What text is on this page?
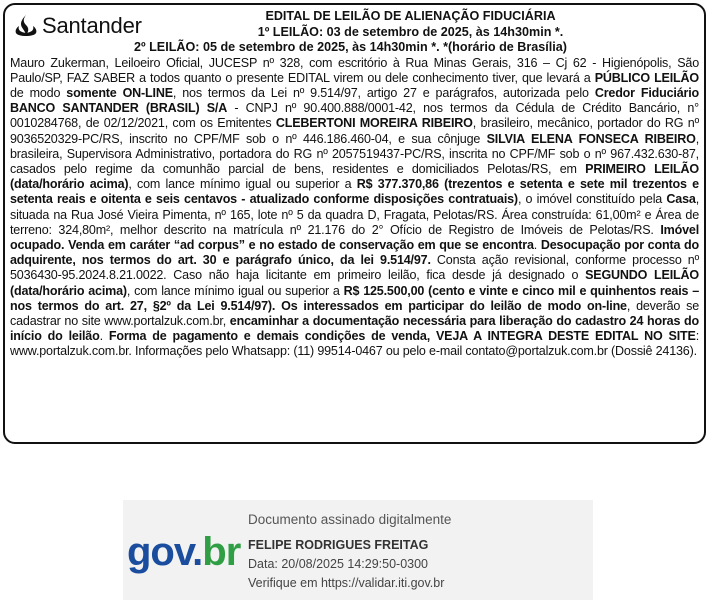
Santander	EDITAL DE LEILÃO DE ALIENAÇÃO FIDUCIÁRIA
1º LEILÃO: 03 de setembro de 2025, às 14h30min *.
2º LEILÃO: 05 de setembro de 2025, às 14h30min *. *(horário de Brasília)
Mauro Zukerman, Leiloeiro Oficial, JUCESP nº 328, com escritório à Rua Minas Gerais, 316 – Cj 62 - Higienópolis, São Paulo/SP, FAZ SABER a todos quanto o presente EDITAL virem ou dele conhecimento tiver, que levará a PÚBLICO LEILÃO de modo somente ON-LINE, nos termos da Lei nº 9.514/97, artigo 27 e parágrafos, autorizada pelo Credor Fiduciário BANCO SANTANDER (BRASIL) S/A - CNPJ nº 90.400.888/0001-42, nos termos da Cédula de Crédito Bancário, n° 0010284768, de 02/12/2021, com os Emitentes CLEBERTONI MOREIRA RIBEIRO, brasileiro, mecânico, portador do RG nº 9036520329-PC/RS, inscrito no CPF/MF sob o nº 446.186.460-04, e sua cônjuge SILVIA ELENA FONSECA RIBEIRO, brasileira, Supervisora Administrativo, portadora do RG nº 2057519437-PC/RS, inscrita no CPF/MF sob o nº 967.432.630-87, casados pelo regime da comunhão parcial de bens, residentes e domiciliados Pelotas/RS, em PRIMEIRO LEILÃO (data/horário acima), com lance mínimo igual ou superior a R$ 377.370,86 (trezentos e setenta e sete mil trezentos e setenta reais e oitenta e seis centavos - atualizado conforme disposições contratuais), o imóvel constituído pela Casa, situada na Rua José Vieira Pimenta, nº 165, lote nº 5 da quadra D, Fragata, Pelotas/RS. Área construída: 61,00m² e Área de terreno: 324,80m², melhor descrito na matrícula nº 21.176 do 2° Ofício de Registro de Imóveis de Pelotas/RS. Imóvel ocupado. Venda em caráter “ad corpus” e no estado de conservação em que se encontra. Desocupação por conta do adquirente, nos termos do art. 30 e parágrafo único, da lei 9.514/97. Consta ação revisional, conforme processo nº 5036430-95.2024.8.21.0022. Caso não haja licitante em primeiro leilão, fica desde já designado o SEGUNDO LEILÃO (data/horário acima), com lance mínimo igual ou superior a R$ 125.500,00 (cento e vinte e cinco mil e quinhentos reais – nos termos do art. 27, §2º da Lei 9.514/97). Os interessados em participar do leilão de modo on-line, deverão se cadastrar no site www.portalzuk.com.br, encaminhar a documentação necessária para liberação do cadastro 24 horas do início do leilão. Forma de pagamento e demais condições de venda, VEJA A INTEGRA DESTE EDITAL NO SITE: www.portalzuk.com.br. Informações pelo Whatsapp: (11) 99514-0467 ou pelo e-mail contato@portalzuk.com.br (Dossiê 24136).
gov.br
Documento assinado digitalmente
FELIPE RODRIGUES FREITAG
Data: 20/08/2025 14:29:50-0300
Verifique em https://validar.iti.gov.br
